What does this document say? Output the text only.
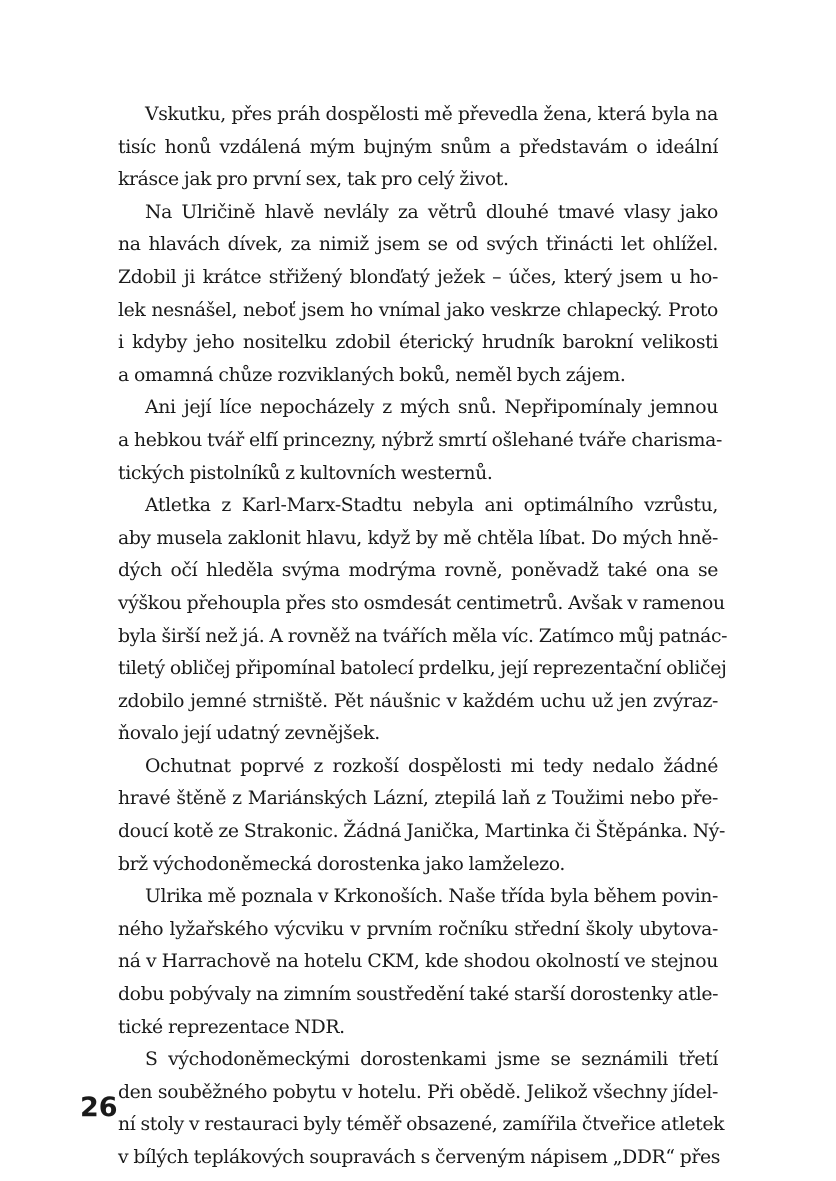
Vskutku, přes práh dospělosti mě převedla žena, která byla na
tisíc honů vzdálená mým bujným snům a představám o ideální
krásce jak pro první sex, tak pro celý život.
Na Ulričině hlavě nevlály za větrů dlouhé tmavé vlasy jako
na hlavách dívek, za nimiž jsem se od svých třinácti let ohlížel.
Zdobil ji krátce střižený blonďatý ježek – účes, který jsem u ho-
lek nesnášel, neboť jsem ho vnímal jako veskrze chlapecký. Proto
i kdyby jeho nositelku zdobil éterický hrudník barokní velikosti
a omamná chůze rozviklaných boků, neměl bych zájem.
Ani její líce nepocházely z mých snů. Nepřipomínaly jemnou
a hebkou tvář elfí princezny, nýbrž smrtí ošlehané tváře charisma-
tických pistolníků z kultovních westernů.
Atletka z Karl-Marx-Stadtu nebyla ani optimálního vzrůstu,
aby musela zaklonit hlavu, když by mě chtěla líbat. Do mých hně-
dých očí hleděla svýma modrýma rovně, poněvadž také ona se
výškou přehoupla přes sto osmdesát centimetrů. Avšak v ramenou
byla širší než já. A rovněž na tvářích měla víc. Zatímco můj patnác-
tiletý obličej připomínal batolecí prdelku, její reprezentační obličej
zdobilo jemné strniště. Pět náušnic v každém uchu už jen zvýraz-
ňovalo její udatný zevnějšek.
Ochutnat poprvé z rozkoší dospělosti mi tedy nedalo žádné
hravé štěně z Mariánských Lázní, ztepilá laň z Toužimi nebo pře-
doucí kotě ze Strakonic. Žádná Janička, Martinka či Štěpánka. Ný-
brž východoněmecká dorostenka jako lamželezo.
Ulrika mě poznala v Krkonoších. Naše třída byla během povin-
ného lyžařského výcviku v prvním ročníku střední školy ubytova-
ná v Harrachově na hotelu CKM, kde shodou okolností ve stejnou
dobu pobývaly na zimním soustředění také starší dorostenky atle-
tické reprezentace NDR.
S východoněmeckými dorostenkami jsme se seznámili třetí
den souběžného pobytu v hotelu. Při obědě. Jelikož všechny jídel-
ní stoly v restauraci byly téměř obsazené, zamířila čtveřice atletek
v bílých teplákových soupravách s červeným nápisem „DDR“ přes
26
